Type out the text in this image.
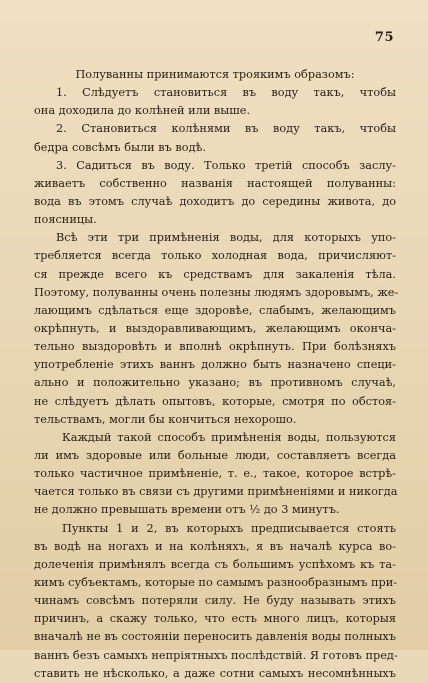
75
Полуванны принимаются троякимъ образомъ:
1. Слѣдуетъ становиться въ воду такъ, чтобы
она доходила до колѣней или выше.
2. Становиться колѣнями въ воду такъ, чтобы
бедра совсѣмъ были въ водѣ.
3. Садиться въ воду. Только третій способъ заслу-
живаетъ собственно названія настоящей полуванны:
вода въ этомъ случаѣ доходитъ до середины живота, до
поясницы.
Всѣ эти три примѣненія воды, для которыхъ упо-
требляется всегда только холодная вода, причисляют-
ся прежде всего къ средствамъ для закаленія тѣла.
Поэтому, полуванны очень полезны людямъ здоровымъ, же-
лающимъ сдѣлаться еще здоровѣе, слабымъ, желающимъ
окрѣпнуть, и выздоравливающимъ, желающимъ оконча-
тельно выздоровѣть и вполнѣ окрѣпнуть. При болѣзняхъ
употребленіе этихъ ваннъ должно быть назначено специ-
ально и положительно указано; въ противномъ случаѣ,
не слѣдуетъ дѣлать опытовъ, которые, смотря по обстоя-
тельствамъ, могли бы кончиться нехорошо.
Каждый такой способъ примѣненія воды, пользуются
ли имъ здоровые или больные люди, составляетъ всегда
только частичное примѣненіе, т. е., такое, которое встрѣ-
чается только въ связи съ другими примѣненіями и никогда
не должно превышать времени отъ ½ до 3 минутъ.
Пункты 1 и 2, въ которыхъ предписывается стоять
въ водѣ на ногахъ и на колѣняхъ, я въ началѣ курса во-
долеченія примѣнялъ всегда съ большимъ успѣхомъ къ та-
кимъ субъектамъ, которые по самымъ разнообразнымъ при-
чинамъ совсѣмъ потеряли силу. Не буду называть этихъ
причинъ, а скажу только, что есть много лицъ, которыя
вначалѣ не въ состояніи переносить давленія воды полныхъ
ваннъ безъ самыхъ непріятныхъ послѣдствій. Я готовъ пред-
ставить не нѣсколько, а даже сотни самыхъ несомнѣнныхъ
